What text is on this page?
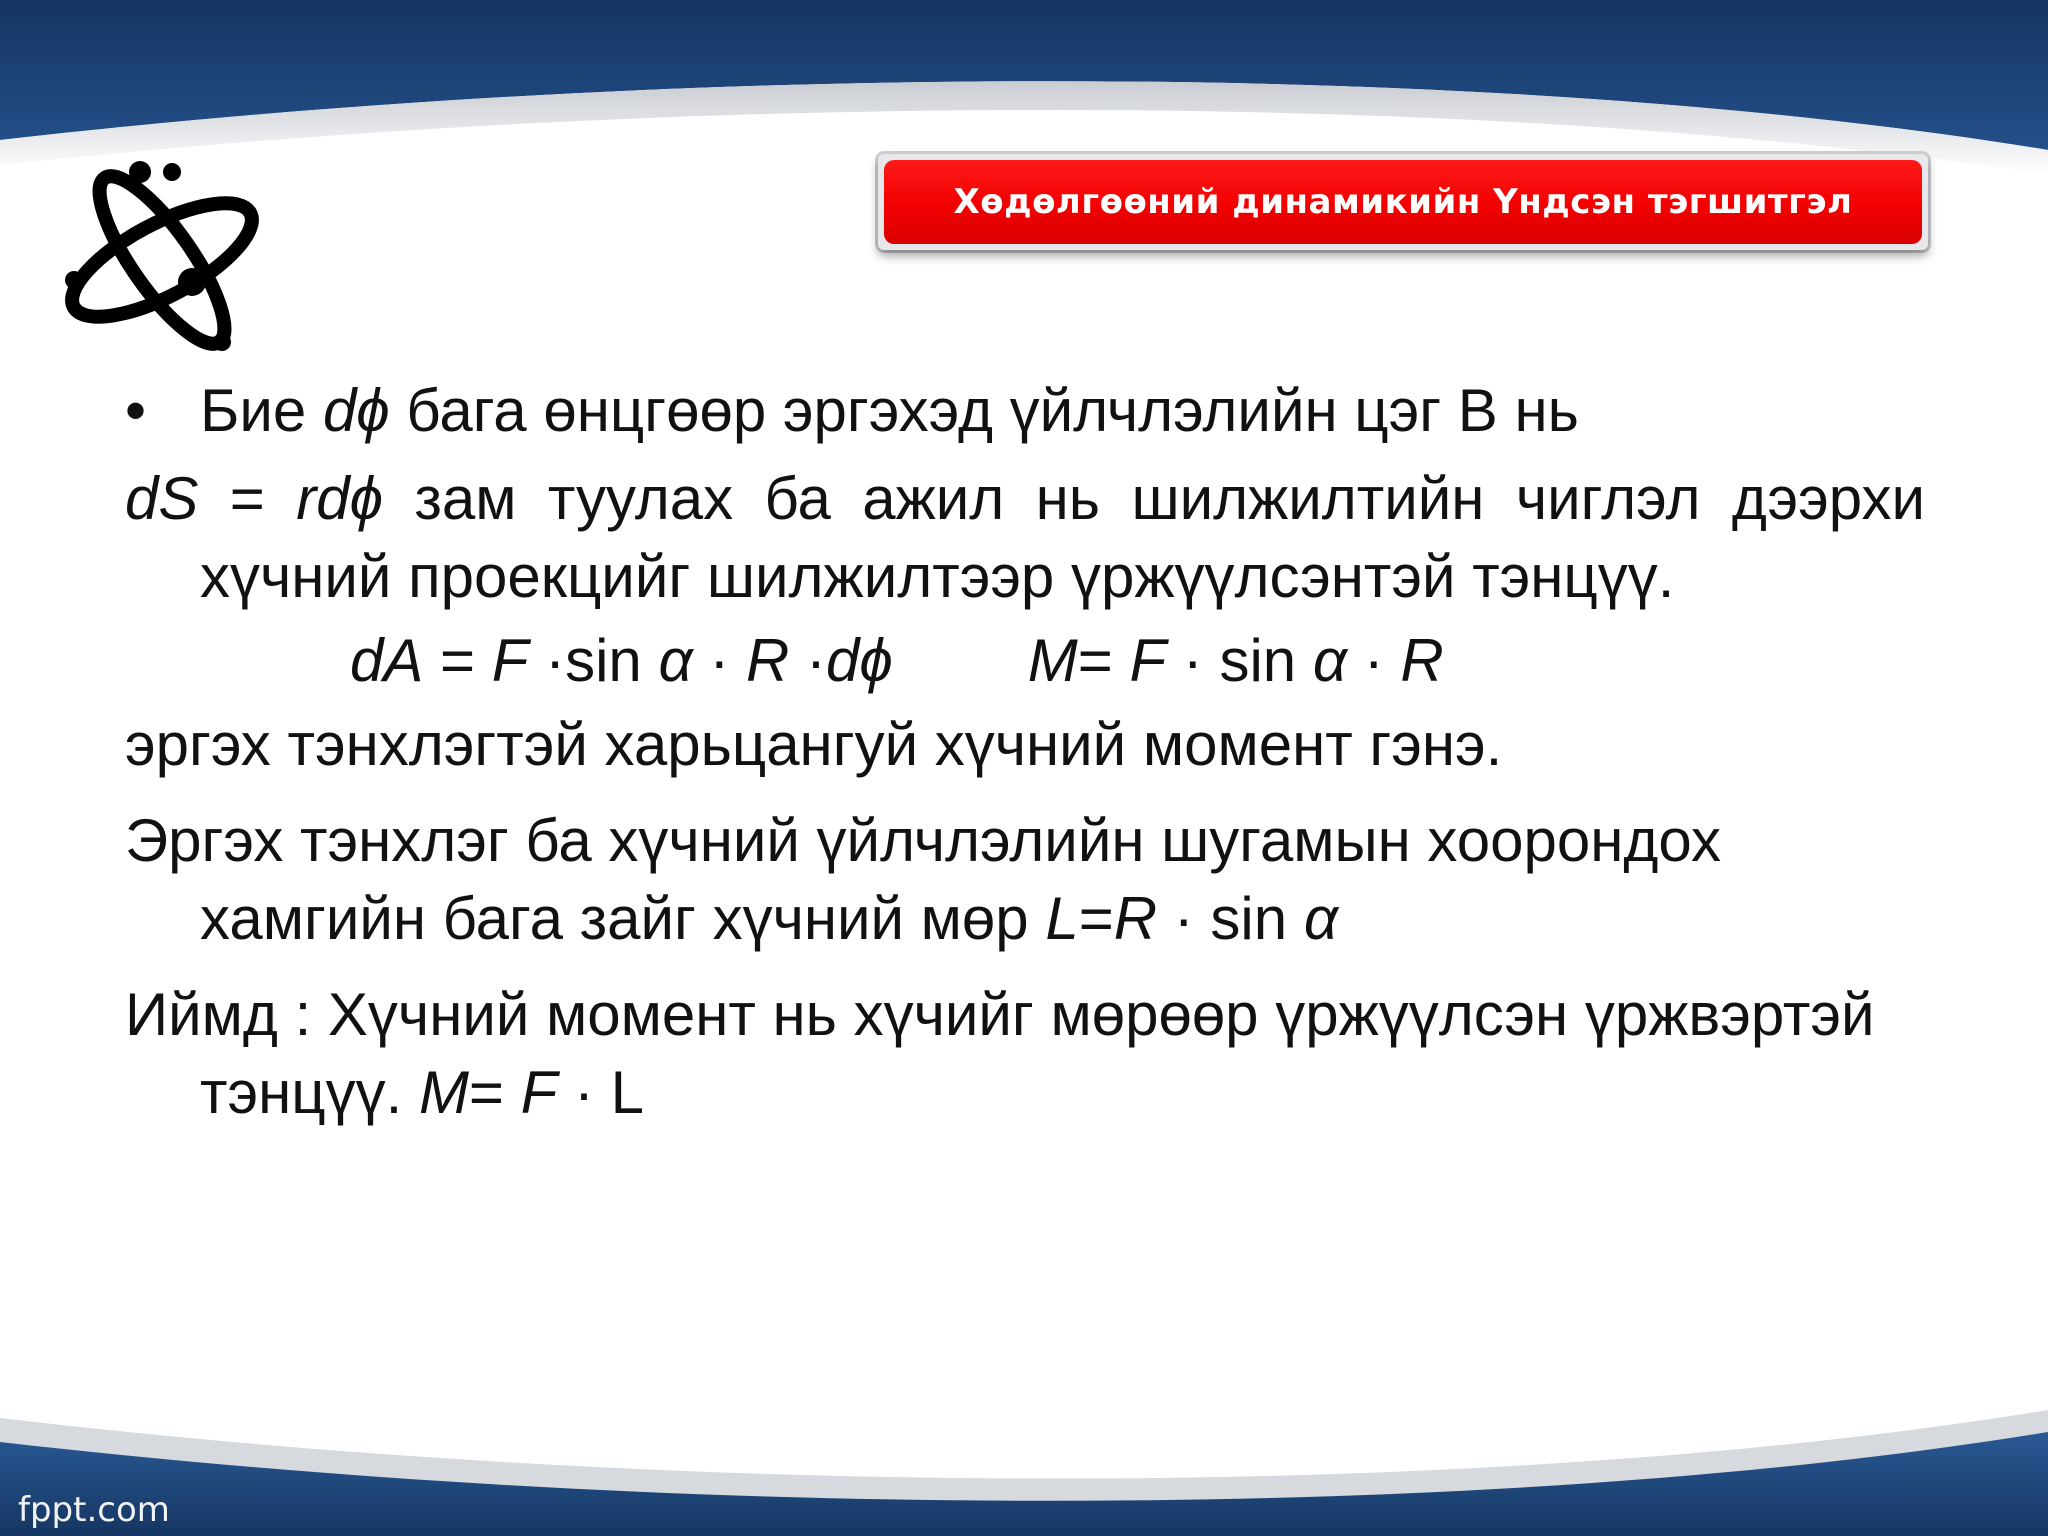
Хөдөлгөөний динамикийн Үндсэн тэгшитгэл

• Бие dϕ бага өнцгөөр эргэхэд үйлчлэлийн цэг В нь

dS = rdϕ зам туулах ба ажил нь шилжилтийн чиглэл дээрхи хүчний проекцийг шилжилтээр үржүүлсэнтэй тэнцүү.

dA = F ·sin α · R ·dϕ M= F · sin α · R

эргэх тэнхлэгтэй харьцангуй хүчний момент гэнэ.

Эргэх тэнхлэг ба хүчний үйлчлэлийн шугамын хоорондох хамгийн бага зайг хүчний мөр L=R · sin α

Иймд : Хүчний момент нь хүчийг мөрөөр үржүүлсэн үржвэртэй тэнцүү. M= F · L

fppt.com
